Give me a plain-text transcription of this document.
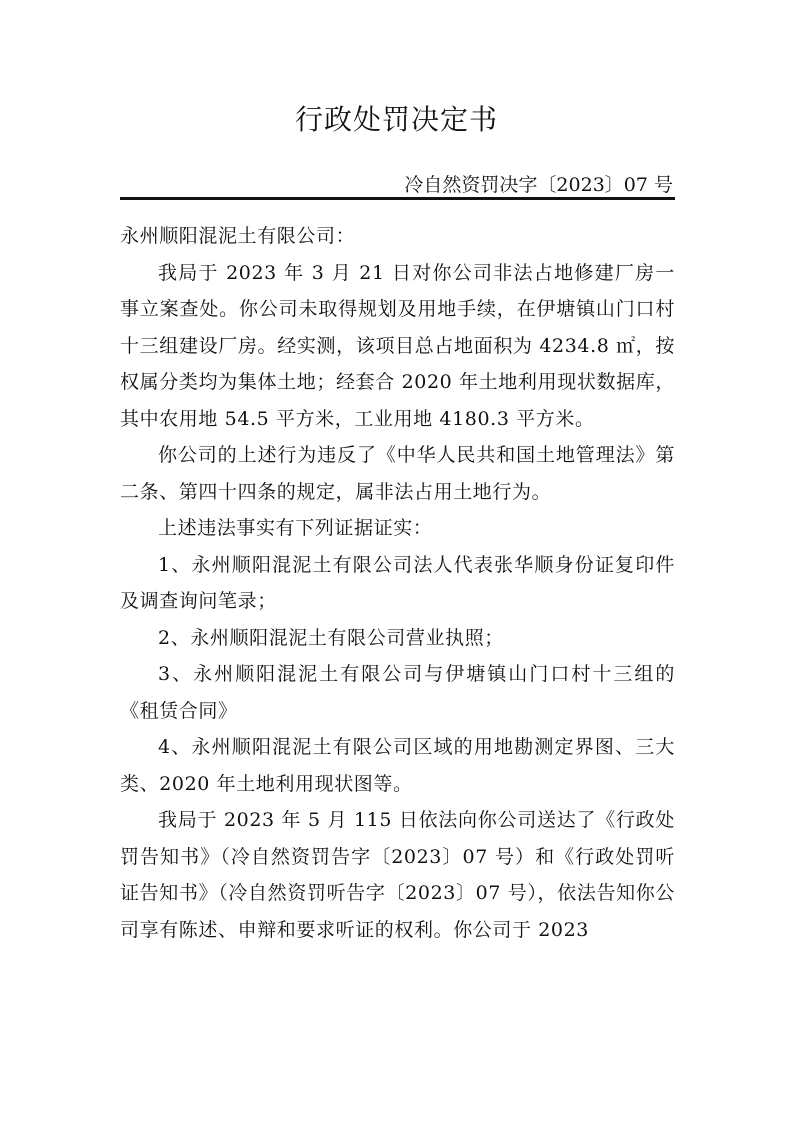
行政处罚决定书
冷自然资罚决字〔2023〕07 号

永州顺阳混泥土有限公司：

我局于 2023 年 3 月 21 日对你公司非法占地修建厂房一事立案查处。你公司未取得规划及用地手续，在伊塘镇山门口村十三组建设厂房。经实测，该项目总占地面积为 4234.8 ㎡，按权属分类均为集体土地；经套合 2020 年土地利用现状数据库，其中农用地 54.5 平方米，工业用地 4180.3 平方米。

你公司的上述行为违反了《中华人民共和国土地管理法》第二条、第四十四条的规定，属非法占用土地行为。

上述违法事实有下列证据证实：

1、永州顺阳混泥土有限公司法人代表张华顺身份证复印件及调查询问笔录；

2、永州顺阳混泥土有限公司营业执照；

3、永州顺阳混泥土有限公司与伊塘镇山门口村十三组的《租赁合同》

4、永州顺阳混泥土有限公司区域的用地勘测定界图、三大类、2020 年土地利用现状图等。

我局于 2023 年 5 月 115 日依法向你公司送达了《行政处罚告知书》（冷自然资罚告字〔2023〕07 号）和《行政处罚听证告知书》（冷自然资罚听告字〔2023〕07 号），依法告知你公司享有陈述、申辩和要求听证的权利。你公司于 2023
